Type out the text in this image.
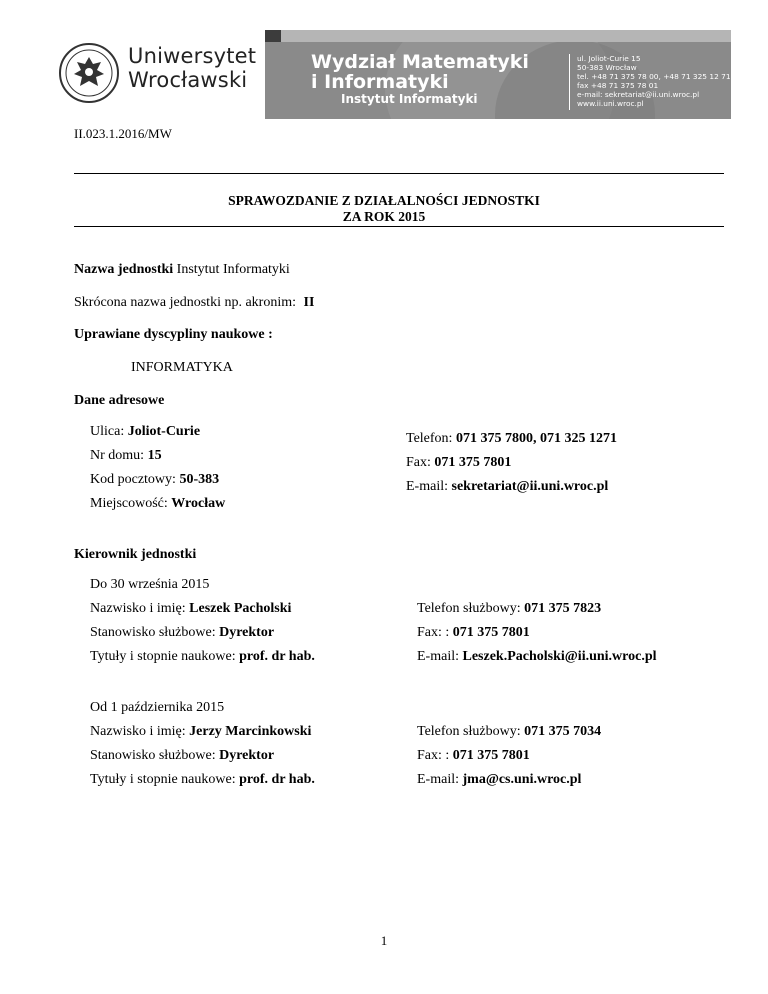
Uniwersytet
Wrocławski
Wydział Matematyki
i Informatyki
Instytut Informatyki
ul. Joliot-Curie 15
50-383 Wrocław
tel. +48 71 375 78 00, +48 71 325 12 71
fax +48 71 375 78 01
e-mail: sekretariat@ii.uni.wroc.pl
www.ii.uni.wroc.pl
II.023.1.2016/MW
SPRAWOZDANIE Z DZIAŁALNOŚCI JEDNOSTKI
ZA ROK 2015
Nazwa jednostki Instytut Informatyki
Skrócona nazwa jednostki np. akronim: II
Uprawiane dyscypliny naukowe :
INFORMATYKA
Dane adresowe
Ulica: Joliot-Curie
Nr domu: 15
Kod pocztowy: 50-383
Miejscowość: Wrocław
Telefon: 071 375 7800, 071 325 1271
Fax: 071 375 7801
E-mail: sekretariat@ii.uni.wroc.pl
Kierownik jednostki
Do 30 września 2015
Nazwisko i imię: Leszek Pacholski
Stanowisko służbowe: Dyrektor
Tytuły i stopnie naukowe: prof. dr hab.
Telefon służbowy: 071 375 7823
Fax: : 071 375 7801
E-mail: Leszek.Pacholski@ii.uni.wroc.pl
Od 1 października 2015
Nazwisko i imię: Jerzy Marcinkowski
Stanowisko służbowe: Dyrektor
Tytuły i stopnie naukowe: prof. dr hab.
Telefon służbowy: 071 375 7034
Fax: : 071 375 7801
E-mail: jma@cs.uni.wroc.pl
1
